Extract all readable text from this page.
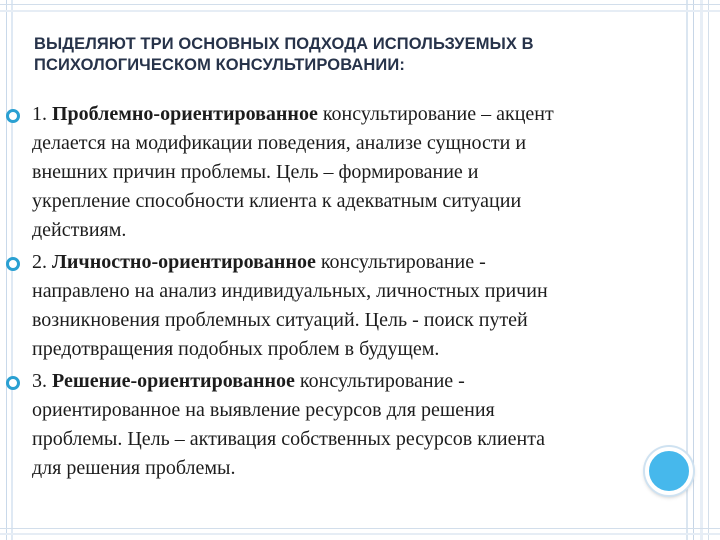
ВЫДЕЛЯЮТ ТРИ ОСНОВНЫХ ПОДХОДА ИСПОЛЬЗУЕМЫХ В
ПСИХОЛОГИЧЕСКОМ КОНСУЛЬТИРОВАНИИ:
1. Проблемно-ориентированное консультирование – акцент
делается на модификации поведения, анализе сущности и
внешних причин проблемы. Цель – формирование и
укрепление способности клиента к адекватным ситуации
действиям.
2. Личностно-ориентированное консультирование -
направлено на анализ индивидуальных, личностных причин
возникновения проблемных ситуаций. Цель - поиск путей
предотвращения подобных проблем в будущем.
3. Решение-ориентированное консультирование -
ориентированное на выявление ресурсов для решения
проблемы. Цель – активация собственных ресурсов клиента
для решения проблемы.
